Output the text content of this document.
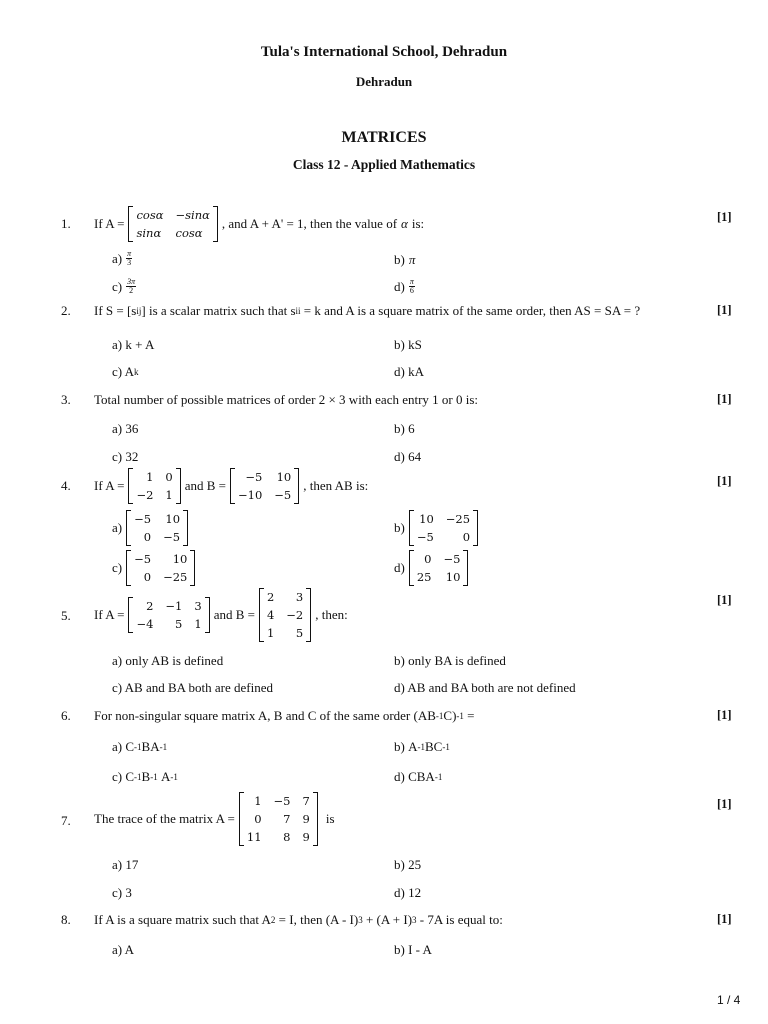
Tula's International School, Dehradun
Dehradun
MATRICES
Class 12 - Applied Mathematics
1. If A =
cosα −sinα
sinα cosα
, and A + A' = 1, then the value of α is:	[1]
$a) \frac{\pi}{3}$	b) π
$c) \frac{3\pi}{2}$	$d) \frac{\pi}{6}$
2. If S = [s ij ] is a scalar matrix such that s ii
= k and A is a square matrix of the same order, then AS = SA = ?	[1]
a) k + A	b) kS
c) A k	d) kA
3. Total number of possible matrices of order 2 × 3 with each entry 1 or 0 is:	[1]
a) 36	b) 6
c) 32	d) 64
4. If A =
1 0
−2 1
and B =
−5 10
−10 −5
, then AB is:	[1]
a)
−5 10
0 −5
b)
10 −25
−5	0
c)
−5	10
0 −25
d)
0 −5
25 10
5. If A =
2 −1 3
−4	5 1
and B =
2	3
4 −2
1	5
, then:
[1]
a) only AB is defined	b) only BA is defined
c) AB and BA both are defined	d) AB and BA both are not defined
6. For non-singular square matrix A, B and C of the same order (AB -1 C) -1
=	[1]
a)
C -1 BA -1	b)
A -1 BC -1
c)
C -1 B -1
A -1	d)
CBA -1
7. The trace of the matrix A =
1 −5 7
0	7 9
11	8 9
is
[1]
a) 17	b) 25
c) 3	d) 12
8. If A is a square matrix such that A 2
= I, then (A - I) 3
+ (A + I) 3
- 7A is equal to:	[1]
a) A	b) I - A
1 / 4
